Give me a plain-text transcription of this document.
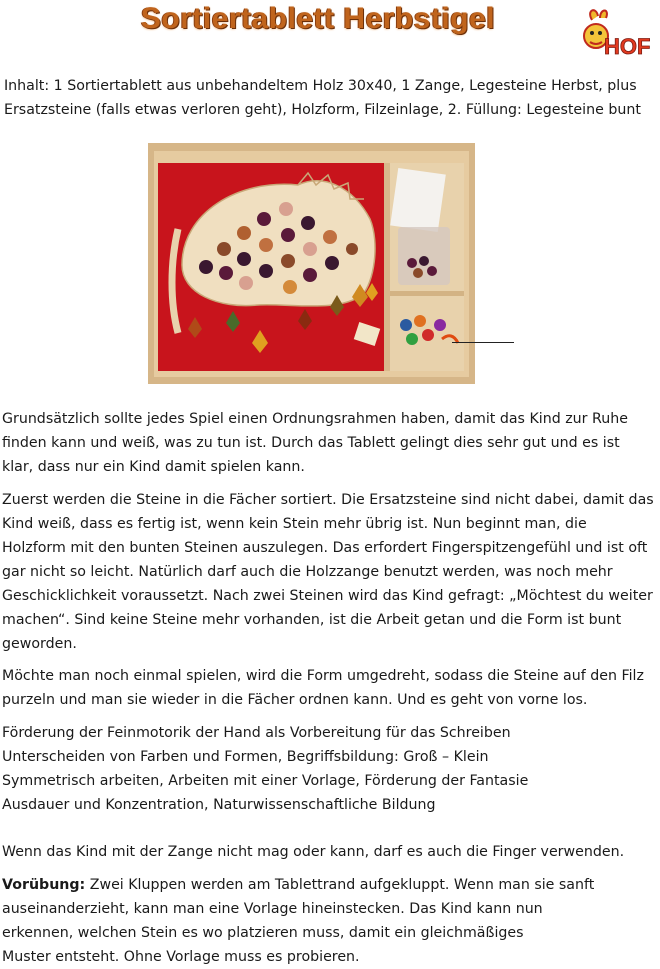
Sortiertablett Herbstigel
HOF
Inhalt: 1 Sortiertablett aus unbehandeltem Holz 30x40, 1 Zange, Legesteine Herbst, plus Ersatzsteine (falls etwas verloren geht), Holzform, Filzeinlage, 2. Füllung: Legesteine bunt
Grundsätzlich sollte jedes Spiel einen Ordnungsrahmen haben, damit das Kind zur Ruhe finden kann und weiß, was zu tun ist. Durch das Tablett gelingt dies sehr gut und es ist klar, dass nur ein Kind damit spielen kann.
Zuerst werden die Steine in die Fächer sortiert. Die Ersatzsteine sind nicht dabei, damit das Kind weiß, dass es fertig ist, wenn kein Stein mehr übrig ist. Nun beginnt man, die Holzform mit den bunten Steinen auszulegen. Das erfordert Fingerspitzengefühl und ist oft gar nicht so leicht. Natürlich darf auch die Holzzange benutzt werden, was noch mehr Geschicklichkeit voraussetzt. Nach zwei Steinen wird das Kind gefragt: „Möchtest du weiter machen“. Sind keine Steine mehr vorhanden, ist die Arbeit getan und die Form ist bunt geworden.
Möchte man noch einmal spielen, wird die Form umgedreht, sodass die Steine auf den Filz purzeln und man sie wieder in die Fächer ordnen kann. Und es geht von vorne los.
Förderung der Feinmotorik der Hand als Vorbereitung für das Schreiben
Unterscheiden von Farben und Formen, Begriffsbildung: Groß – Klein
Symmetrisch arbeiten, Arbeiten mit einer Vorlage, Förderung der Fantasie
Ausdauer und Konzentration, Naturwissenschaftliche Bildung
Wenn das Kind mit der Zange nicht mag oder kann, darf es auch die Finger verwenden.
Vorübung: Zwei Kluppen werden am Tablettrand aufgekluppt. Wenn man sie sanft
auseinanderzieht, kann man eine Vorlage hineinstecken. Das Kind kann nun
erkennen, welchen Stein es wo platzieren muss, damit ein gleichmäßiges
Muster entsteht. Ohne Vorlage muss es probieren.
